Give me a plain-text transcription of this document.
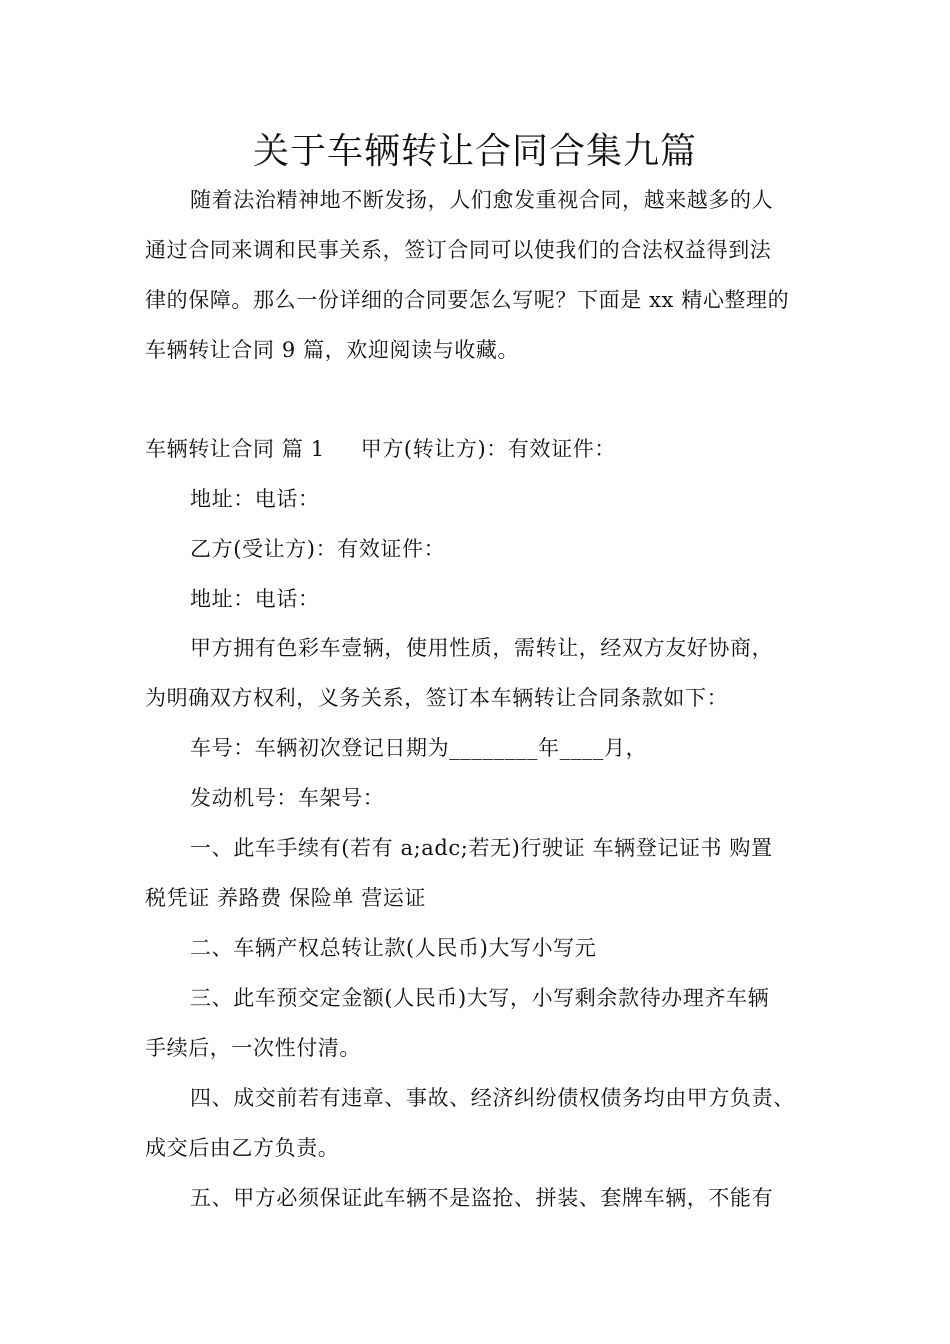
关于车辆转让合同合集九篇
随着法治精神地不断发扬，人们愈发重视合同，越来越多的人
通过合同来调和民事关系，签订合同可以使我们的合法权益得到法
律的保障。那么一份详细的合同要怎么写呢？下面是 xx 精心整理的
车辆转让合同 9 篇，欢迎阅读与收藏。
车辆转让合同 篇 1 甲方(转让方)：有效证件：
地址：电话：
乙方(受让方)：有效证件：
地址：电话：
甲方拥有色彩车壹辆，使用性质，需转让，经双方友好协商，
为明确双方权利，义务关系，签订本车辆转让合同条款如下：
车号：车辆初次登记日期为________年____月，
发动机号：车架号：
一、此车手续有(若有 a;adc;若无)行驶证 车辆登记证书 购置
税凭证 养路费 保险单 营运证
二、车辆产权总转让款(人民币)大写小写元
三、此车预交定金额(人民币)大写，小写剩余款待办理齐车辆
手续后，一次性付清。
四、成交前若有违章、事故、经济纠纷债权债务均由甲方负责、
成交后由乙方负责。
五、甲方必须保证此车辆不是盗抢、拼装、套牌车辆，不能有
